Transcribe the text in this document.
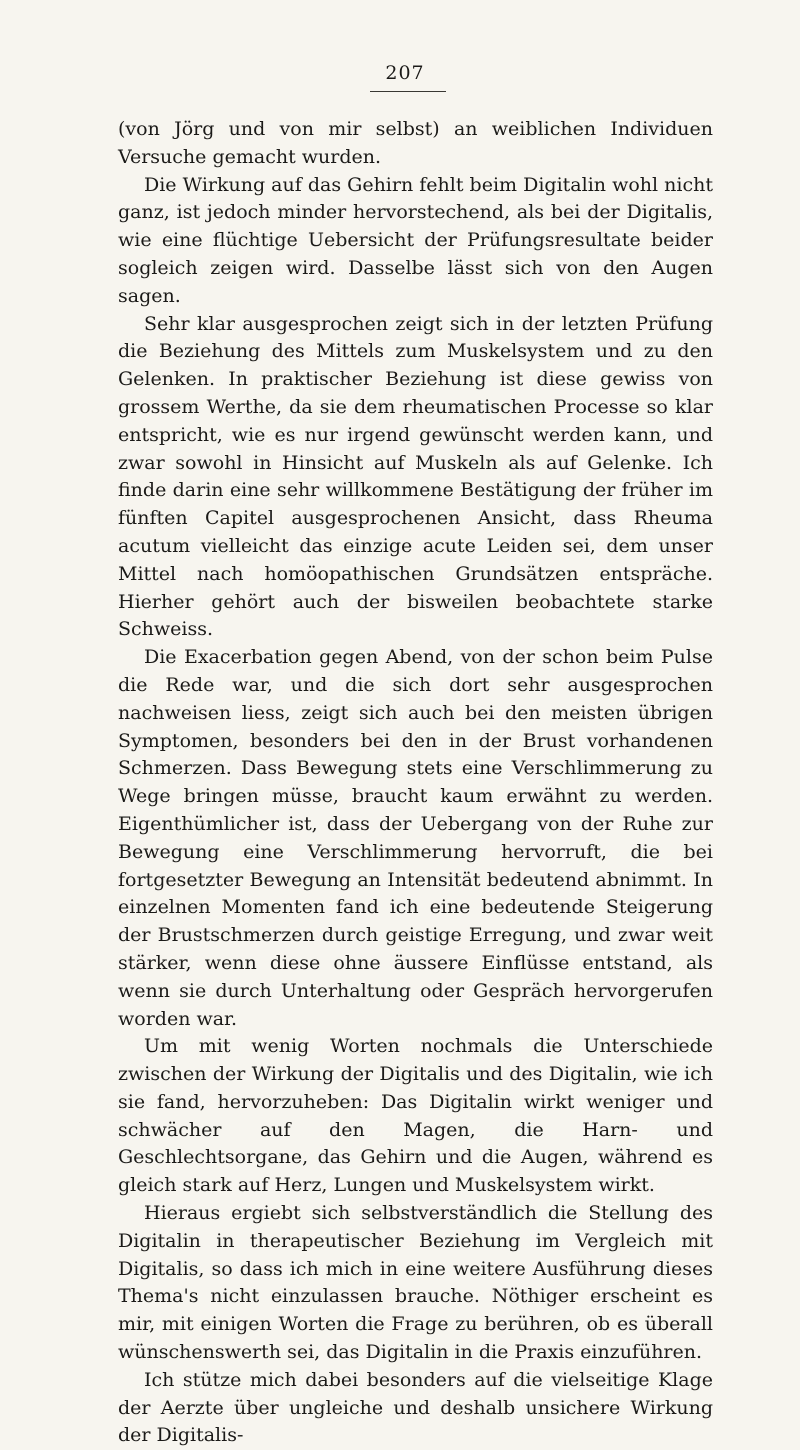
207

(von Jörg und von mir selbst) an weiblichen Individuen Versuche gemacht wurden.

Die Wirkung auf das Gehirn fehlt beim Digitalin wohl nicht ganz, ist jedoch minder hervorstechend, als bei der Digitalis, wie eine flüchtige Uebersicht der Prüfungsresultate beider sogleich zeigen wird. Dasselbe lässt sich von den Augen sagen.

Sehr klar ausgesprochen zeigt sich in der letzten Prüfung die Beziehung des Mittels zum Muskelsystem und zu den Gelenken. In praktischer Beziehung ist diese gewiss von grossem Werthe, da sie dem rheumatischen Processe so klar entspricht, wie es nur irgend gewünscht werden kann, und zwar sowohl in Hinsicht auf Muskeln als auf Gelenke. Ich finde darin eine sehr willkommene Bestätigung der früher im fünften Capitel ausgesprochenen Ansicht, dass Rheuma acutum vielleicht das einzige acute Leiden sei, dem unser Mittel nach homöopathischen Grundsätzen entspräche. Hierher gehört auch der bisweilen beobachtete starke Schweiss.

Die Exacerbation gegen Abend, von der schon beim Pulse die Rede war, und die sich dort sehr ausgesprochen nachweisen liess, zeigt sich auch bei den meisten übrigen Symptomen, besonders bei den in der Brust vorhandenen Schmerzen. Dass Bewegung stets eine Verschlimmerung zu Wege bringen müsse, braucht kaum erwähnt zu werden. Eigenthümlicher ist, dass der Uebergang von der Ruhe zur Bewegung eine Verschlimmerung hervorruft, die bei fortgesetzter Bewegung an Intensität bedeutend abnimmt. In einzelnen Momenten fand ich eine bedeutende Steigerung der Brustschmerzen durch geistige Erregung, und zwar weit stärker, wenn diese ohne äussere Einflüsse entstand, als wenn sie durch Unterhaltung oder Gespräch hervorgerufen worden war.

Um mit wenig Worten nochmals die Unterschiede zwischen der Wirkung der Digitalis und des Digitalin, wie ich sie fand, hervorzuheben: Das Digitalin wirkt weniger und schwächer auf den Magen, die Harn- und Geschlechtsorgane, das Gehirn und die Augen, während es gleich stark auf Herz, Lungen und Muskelsystem wirkt.

Hieraus ergiebt sich selbstverständlich die Stellung des Digitalin in therapeutischer Beziehung im Vergleich mit Digitalis, so dass ich mich in eine weitere Ausführung dieses Thema's nicht einzulassen brauche. Nöthiger erscheint es mir, mit einigen Worten die Frage zu berühren, ob es überall wünschenswerth sei, das Digitalin in die Praxis einzuführen.

Ich stütze mich dabei besonders auf die vielseitige Klage der Aerzte über ungleiche und deshalb unsichere Wirkung der Digitalis-
